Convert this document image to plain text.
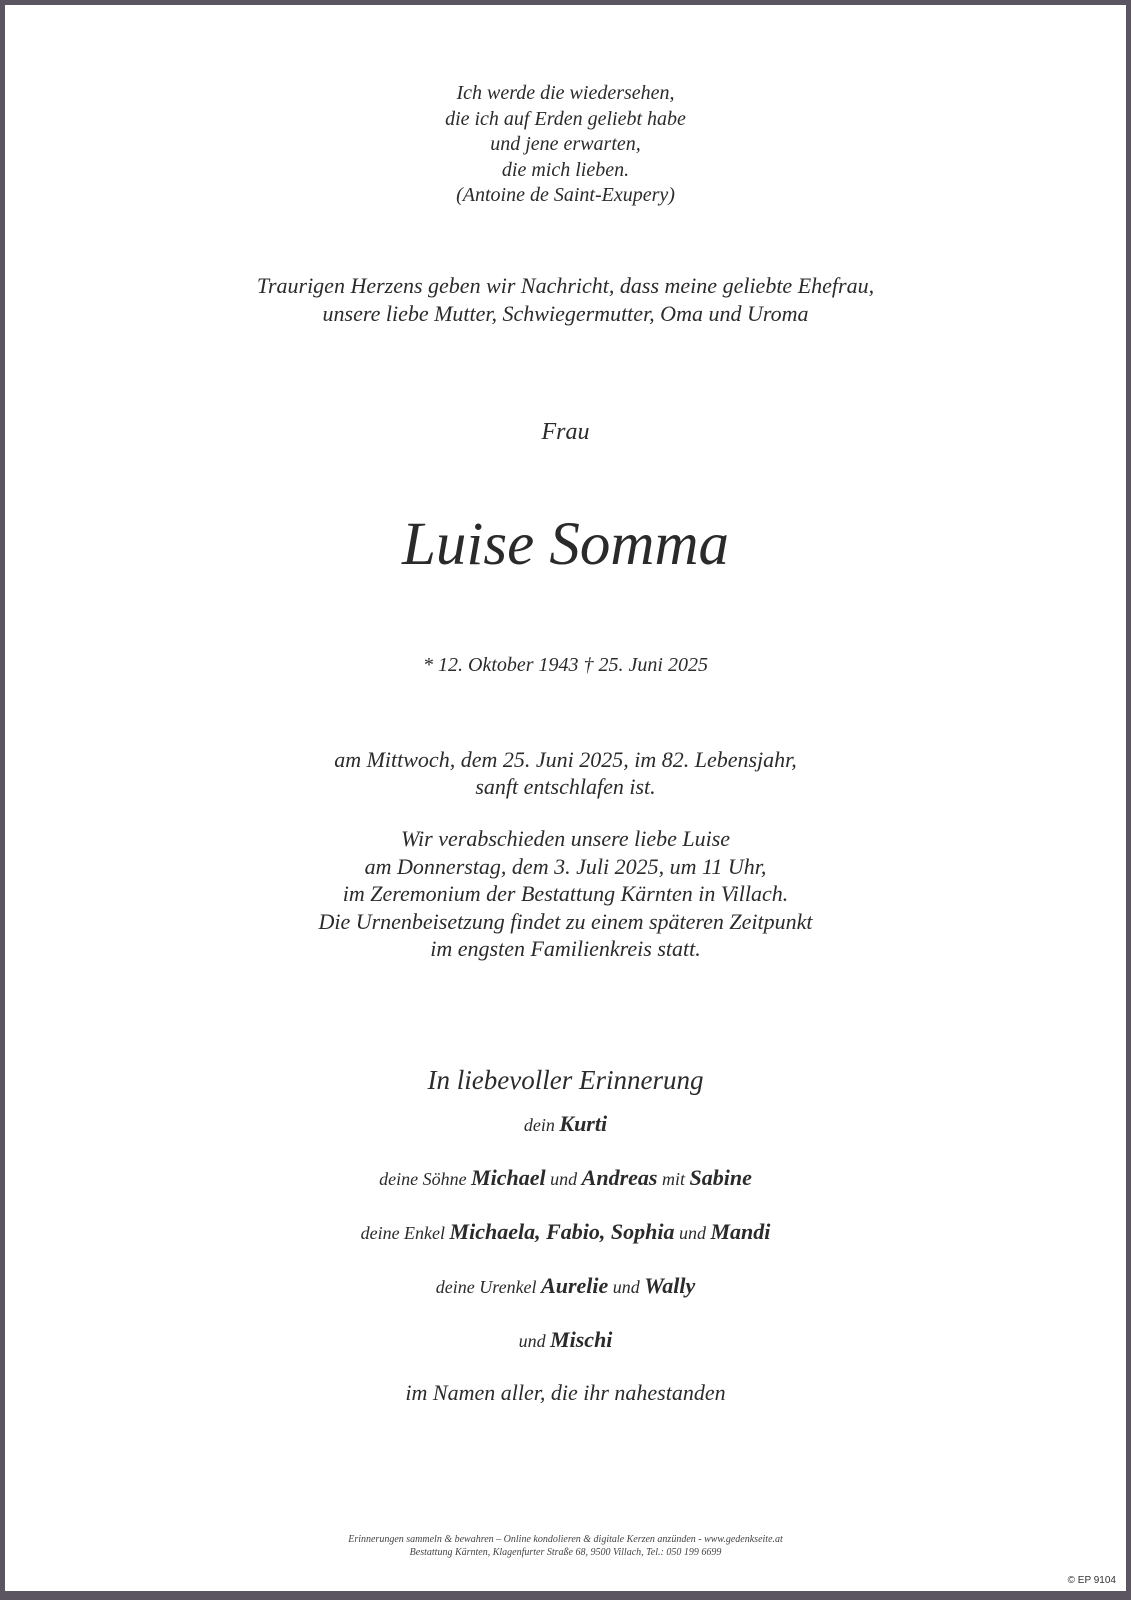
Ich werde die wiedersehen,
die ich auf Erden geliebt habe
und jene erwarten,
die mich lieben.
(Antoine de Saint-Exupery)
Traurigen Herzens geben wir Nachricht, dass meine geliebte Ehefrau,
unsere liebe Mutter, Schwiegermutter, Oma und Uroma
Frau
Luise Somma
* 12. Oktober 1943 † 25. Juni 2025
am Mittwoch, dem 25. Juni 2025, im 82. Lebensjahr,
sanft entschlafen ist.
Wir verabschieden unsere liebe Luise
am Donnerstag, dem 3. Juli 2025, um 11 Uhr,
im Zeremonium der Bestattung Kärnten in Villach.
Die Urnenbeisetzung findet zu einem späteren Zeitpunkt
im engsten Familienkreis statt.
In liebevoller Erinnerung
dein Kurti
deine Söhne Michael und Andreas mit Sabine
deine Enkel Michaela, Fabio, Sophia und Mandi
deine Urenkel Aurelie und Wally
und Mischi
im Namen aller, die ihr nahestanden
Erinnerungen sammeln & bewahren – Online kondolieren & digitale Kerzen anzünden - www.gedenkseite.at
Bestattung Kärnten, Klagenfurter Straße 68, 9500 Villach, Tel.: 050 199 6699
© EP 9104
